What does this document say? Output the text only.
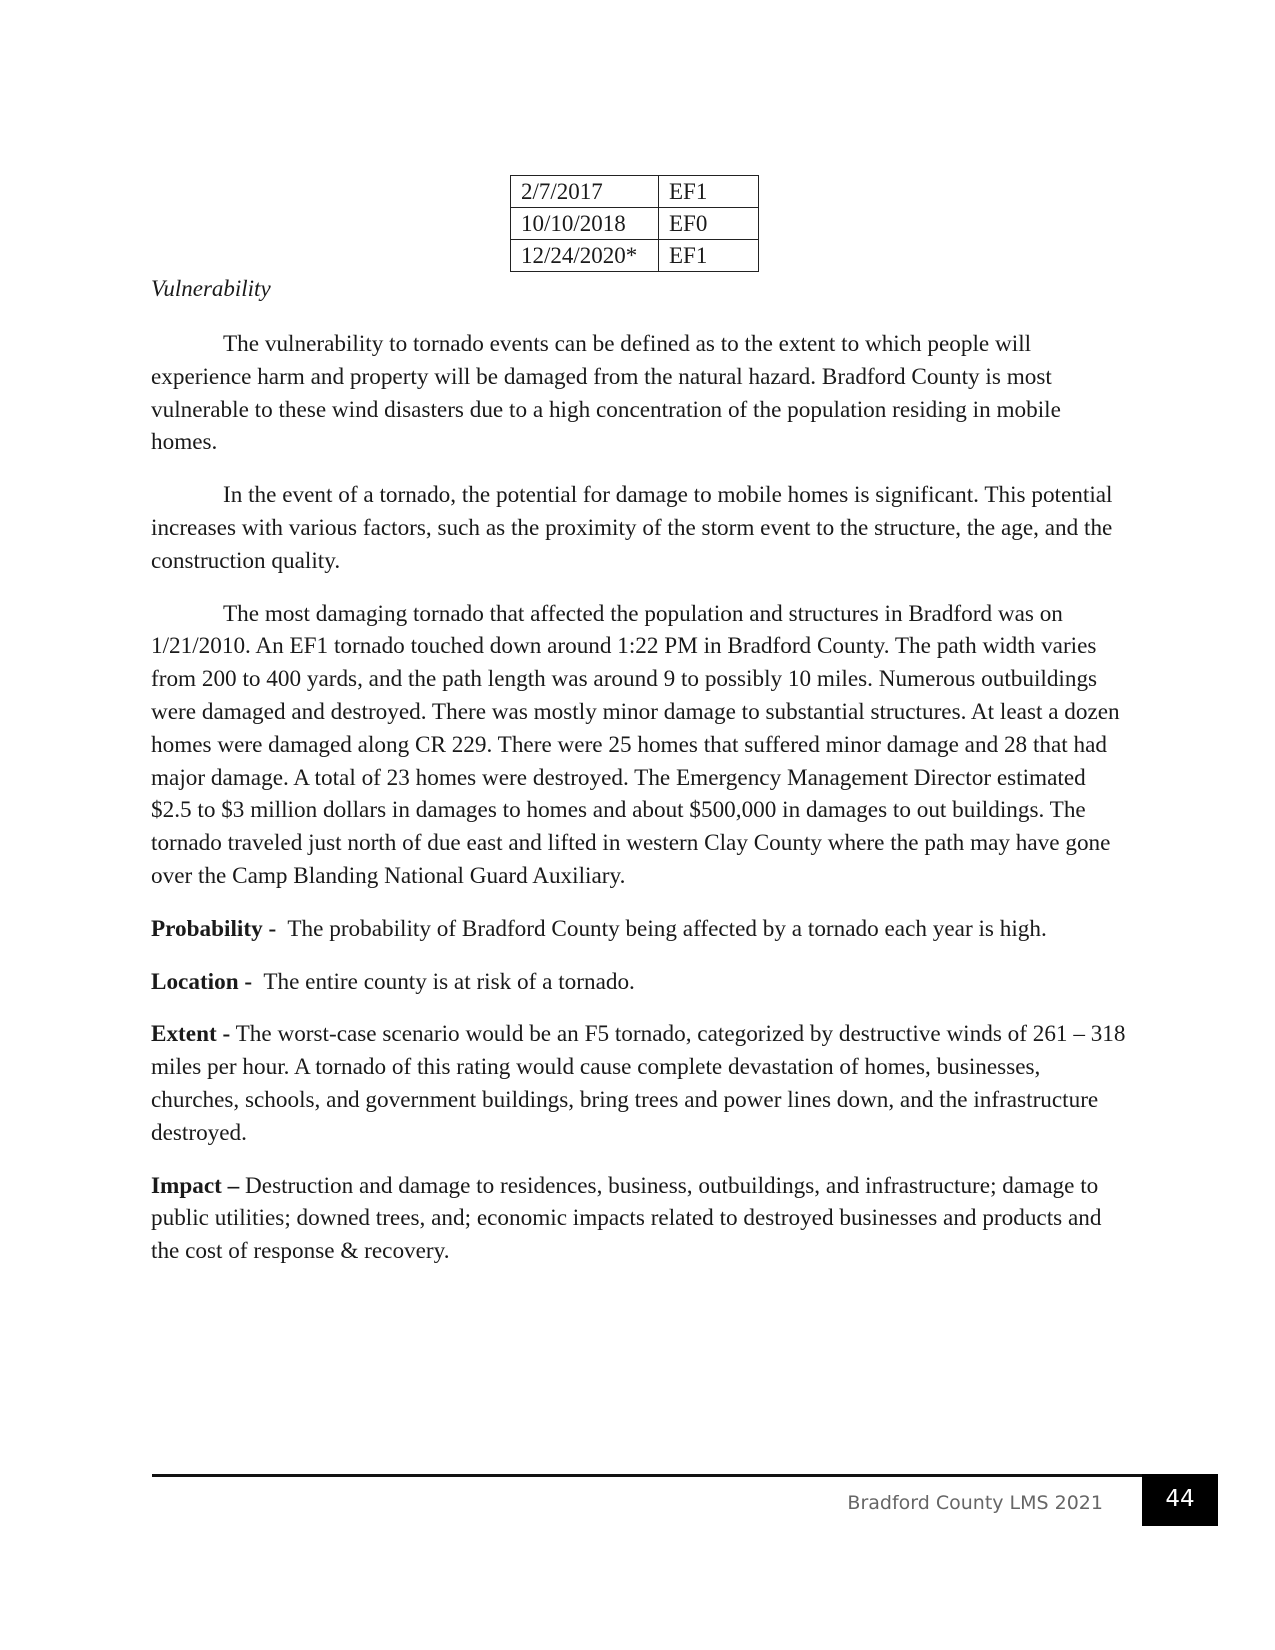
2/7/2017	EF1
10/10/2018	EF0
12/24/2020*	EF1
Vulnerability

The vulnerability to tornado events can be defined as to the extent to which people will experience harm and property will be damaged from the natural hazard. Bradford County is most vulnerable to these wind disasters due to a high concentration of the population residing in mobile homes.

In the event of a tornado, the potential for damage to mobile homes is significant. This potential increases with various factors, such as the proximity of the storm event to the structure, the age, and the construction quality.

The most damaging tornado that affected the population and structures in Bradford was on 1/21/2010. An EF1 tornado touched down around 1:22 PM in Bradford County. The path width varies from 200 to 400 yards, and the path length was around 9 to possibly 10 miles. Numerous outbuildings were damaged and destroyed. There was mostly minor damage to substantial structures. At least a dozen homes were damaged along CR 229. There were 25 homes that suffered minor damage and 28 that had major damage. A total of 23 homes were destroyed. The Emergency Management Director estimated $2.5 to $3 million dollars in damages to homes and about $500,000 in damages to out buildings. The tornado traveled just north of due east and lifted in western Clay County where the path may have gone over the Camp Blanding National Guard Auxiliary.

Probability - The probability of Bradford County being affected by a tornado each year is high.

Location - The entire county is at risk of a tornado.

Extent - The worst-case scenario would be an F5 tornado, categorized by destructive winds of 261 – 318 miles per hour. A tornado of this rating would cause complete devastation of homes, businesses, churches, schools, and government buildings, bring trees and power lines down, and the infrastructure destroyed.

Impact – Destruction and damage to residences, business, outbuildings, and infrastructure; damage to public utilities; downed trees, and; economic impacts related to destroyed businesses and products and the cost of response & recovery.

Bradford County LMS 2021	44
